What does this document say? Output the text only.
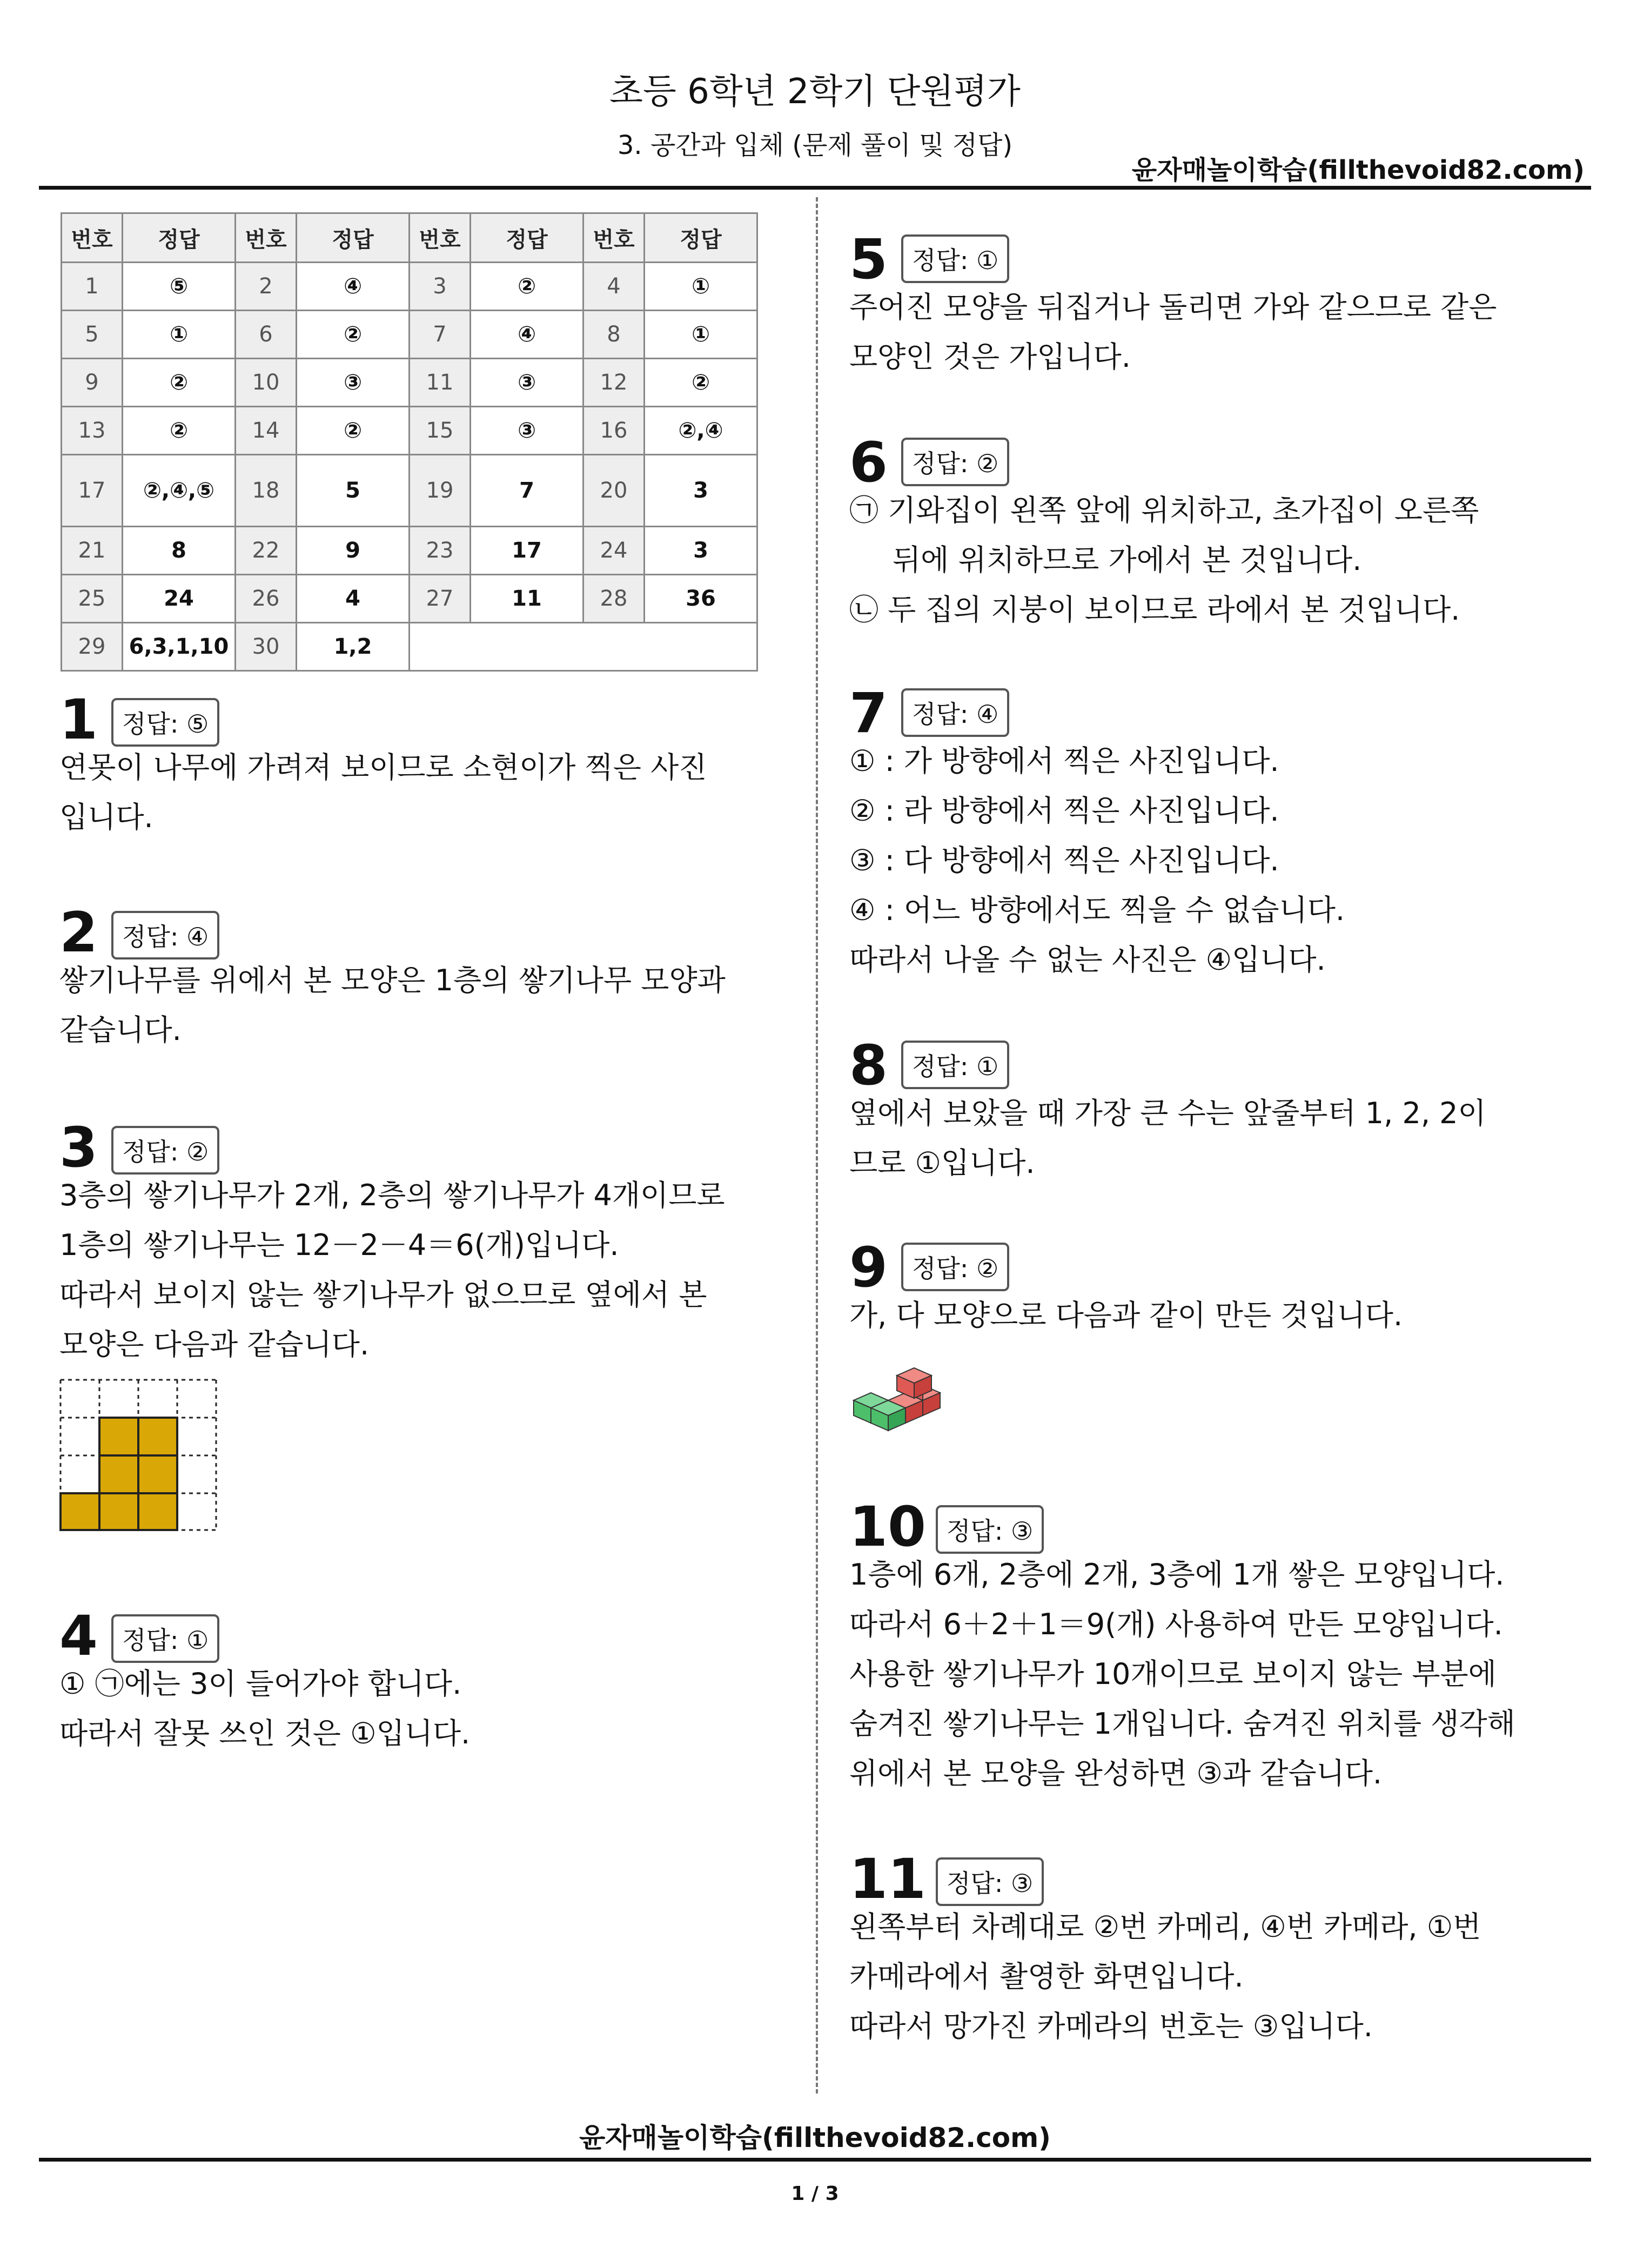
초등 6학년 2학기 단원평가
3. 공간과 입체 (문제 풀이 및 정답)
윤자매놀이학습(fillthevoid82.com)
번호	정답	번호	정답	번호	정답	번호	정답
1	⑤	2	④	3	②	4	①
5	①	6	②	7	④	8	①
9	②	10	③	11	③	12	②
13	②	14	②	15	③	16	②,④
17	②,④,⑤	18	5	19	7	20	3
21	8	22	9	23	17	24	3
25	24	26	4	27	11	28	36
29	6,3,1,10	30	1,2				
1 정답: ⑤
연못이 나무에 가려져 보이므로 소현이가 찍은 사진
입니다.
2 정답: ④
쌓기나무를 위에서 본 모양은 1층의 쌓기나무 모양과
같습니다.
3 정답: ②
3층의 쌓기나무가 2개, 2층의 쌓기나무가 4개이므로
1층의 쌓기나무는 12－2－4＝6(개)입니다.
따라서 보이지 않는 쌓기나무가 없으므로 옆에서 본
모양은 다음과 같습니다.
4 정답: ①
① ㉠에는 3이 들어가야 합니다.
따라서 잘못 쓰인 것은 ①입니다.
5 정답: ①
주어진 모양을 뒤집거나 돌리면 가와 같으므로 같은
모양인 것은 가입니다.
6 정답: ②
㉠ 기와집이 왼쪽 앞에 위치하고, 초가집이 오른쪽
뒤에 위치하므로 가에서 본 것입니다.
㉡ 두 집의 지붕이 보이므로 라에서 본 것입니다.
7 정답: ④
① : 가 방향에서 찍은 사진입니다.
② : 라 방향에서 찍은 사진입니다.
③ : 다 방향에서 찍은 사진입니다.
④ : 어느 방향에서도 찍을 수 없습니다.
따라서 나올 수 없는 사진은 ④입니다.
8 정답: ①
옆에서 보았을 때 가장 큰 수는 앞줄부터 1, 2, 2이
므로 ①입니다.
9 정답: ②
가, 다 모양으로 다음과 같이 만든 것입니다.
10 정답: ③
1층에 6개, 2층에 2개, 3층에 1개 쌓은 모양입니다.
따라서 6＋2＋1＝9(개) 사용하여 만든 모양입니다.
사용한 쌓기나무가 10개이므로 보이지 않는 부분에
숨겨진 쌓기나무는 1개입니다. 숨겨진 위치를 생각해
위에서 본 모양을 완성하면 ③과 같습니다.
11 정답: ③
왼쪽부터 차례대로 ②번 카메리, ④번 카메라, ①번
카메라에서 촬영한 화면입니다.
따라서 망가진 카메라의 번호는 ③입니다.
윤자매놀이학습(fillthevoid82.com)
1 / 3
